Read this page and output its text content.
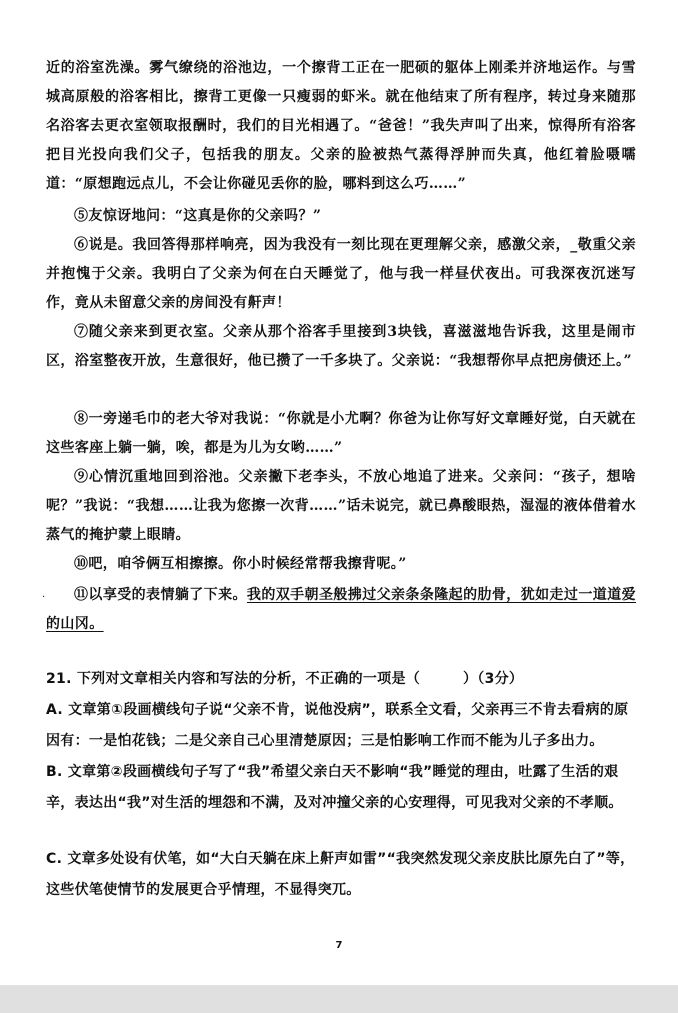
近的浴室洗澡。雾气缭绕的浴池边，一个擦背工正在一肥硕的躯体上刚柔并济地运作。与雪城高原般的浴客相比，擦背工更像一只瘦弱的虾米。就在他结束了所有程序，转过身来随那名浴客去更衣室领取报酬时，我们的目光相遇了。“爸爸！”我失声叫了出来，惊得所有浴客把目光投向我们父子，包括我的朋友。父亲的脸被热气蒸得浮肿而失真，他红着脸嗫嚅道：“原想跑远点儿，不会让你碰见丢你的脸，哪料到这么巧……”

⑤友惊讶地问：“这真是你的父亲吗？”

⑥说是。我回答得那样响亮，因为我没有一刻比现在更理解父亲，感激父亲，_敬重父亲并抱愧于父亲。我明白了父亲为何在白天睡觉了，他与我一样昼伏夜出。可我深夜沉迷写作，竟从未留意父亲的房间没有鼾声！

⑦随父亲来到更衣室。父亲从那个浴客手里接到3块钱，喜滋滋地告诉我，这里是闹市区，浴室整夜开放，生意很好，他已攒了一千多块了。父亲说：“我想帮你早点把房债还上。”

⑧一旁递毛巾的老大爷对我说：“你就是小尤啊？你爸为让你写好文章睡好觉，白天就在这些客座上躺一躺，唉，都是为儿为女哟……”

⑨心情沉重地回到浴池。父亲撇下老李头，不放心地追了进来。父亲问：“孩子，想啥呢？”我说：“我想……让我为您擦一次背……”话未说完，就已鼻酸眼热，湿湿的液体借着水蒸气的掩护蒙上眼睛。

⑩吧，咱爷俩互相擦擦。你小时候经常帮我擦背呢。”

·	⑪以享受的表情躺了下来。我的双手朝圣般拂过父亲条条隆起的肋骨，犹如走过一道道爱的山冈。

21. 下列对文章相关内容和写法的分析，不正确的一项是（　　　）（3分）

A. 文章第①段画横线句子说“父亲不肯，说他没病”，联系全文看，父亲再三不肯去看病的原因有：一是怕花钱；二是父亲自己心里清楚原因；三是怕影响工作而不能为儿子多出力。

B. 文章第②段画横线句子写了“我”希望父亲白天不影响“我”睡觉的理由，吐露了生活的艰辛，表达出“我”对生活的埋怨和不满，及对冲撞父亲的心安理得，可见我对父亲的不孝顺。

C. 文章多处设有伏笔，如“大白天躺在床上鼾声如雷”“我突然发现父亲皮肤比原先白了”等，这些伏笔使情节的发展更合乎情理，不显得突兀。

7
